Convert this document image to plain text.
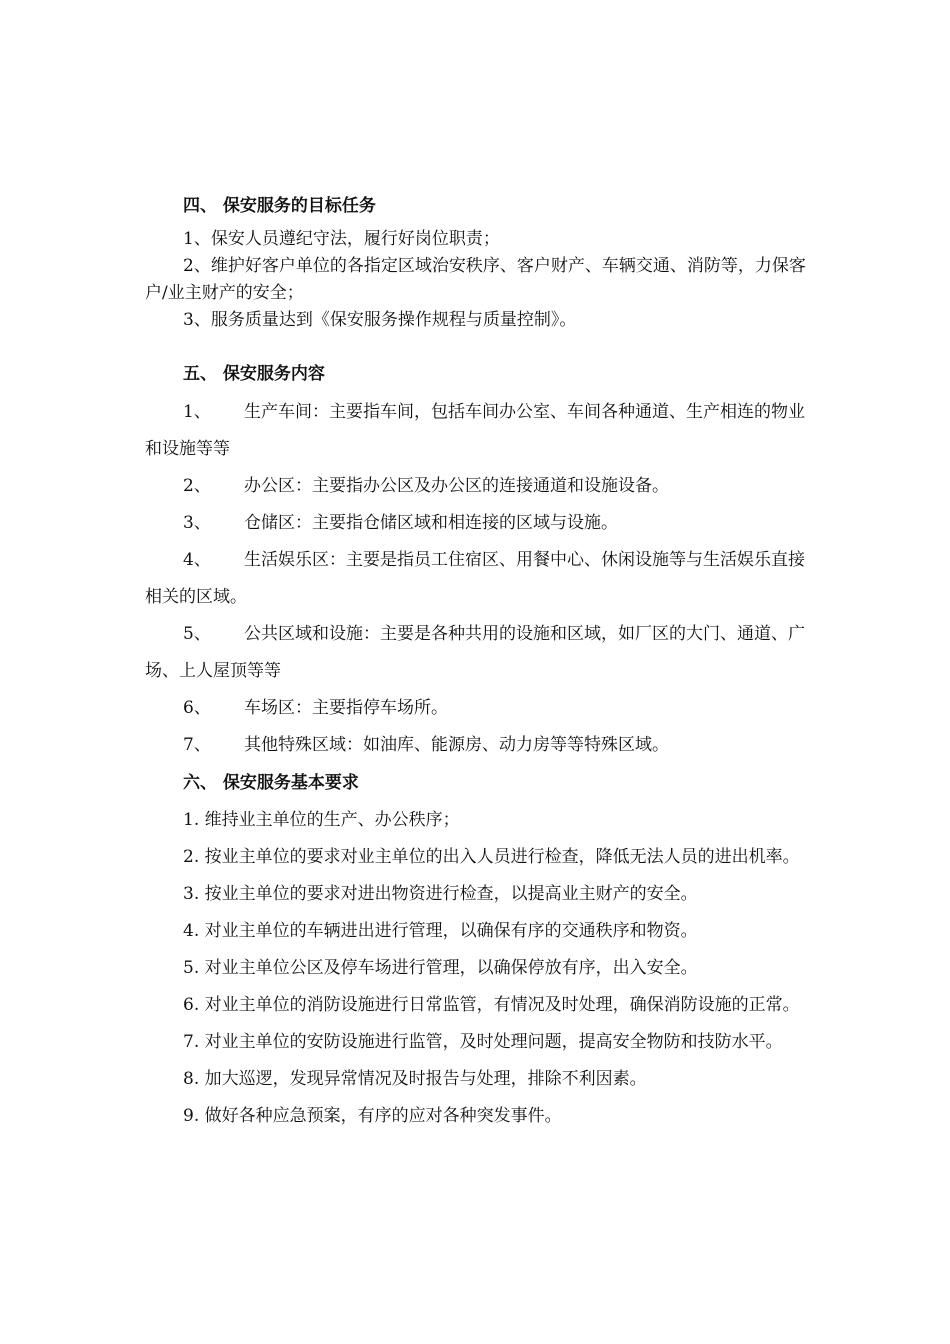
四、 保安服务的目标任务

1、保安人员遵纪守法，履行好岗位职责；

2、维护好客户单位的各指定区域治安秩序、客户财产、车辆交通、消防等，力保客户/业主财产的安全；

3、服务质量达到《保安服务操作规程与质量控制》。

五、 保安服务内容

1、 生产车间：主要指车间，包括车间办公室、车间各种通道、生产相连的物业和设施等等

2、 办公区：主要指办公区及办公区的连接通道和设施设备。

3、 仓储区：主要指仓储区域和相连接的区域与设施。

4、 生活娱乐区：主要是指员工住宿区、用餐中心、休闲设施等与生活娱乐直接相关的区域。

5、 公共区域和设施：主要是各种共用的设施和区域，如厂区的大门、通道、广场、上人屋顶等等

6、 车场区：主要指停车场所。

7、 其他特殊区域：如油库、能源房、动力房等等特殊区域。

六、 保安服务基本要求

1. 维持业主单位的生产、办公秩序；

2. 按业主单位的要求对业主单位的出入人员进行检查，降低无法人员的进出机率。

3. 按业主单位的要求对进出物资进行检查，以提高业主财产的安全。

4. 对业主单位的车辆进出进行管理，以确保有序的交通秩序和物资。

5. 对业主单位公区及停车场进行管理，以确保停放有序，出入安全。

6. 对业主单位的消防设施进行日常监管，有情况及时处理，确保消防设施的正常。

7. 对业主单位的安防设施进行监管，及时处理问题，提高安全物防和技防水平。

8. 加大巡逻，发现异常情况及时报告与处理，排除不利因素。

9. 做好各种应急预案，有序的应对各种突发事件。
